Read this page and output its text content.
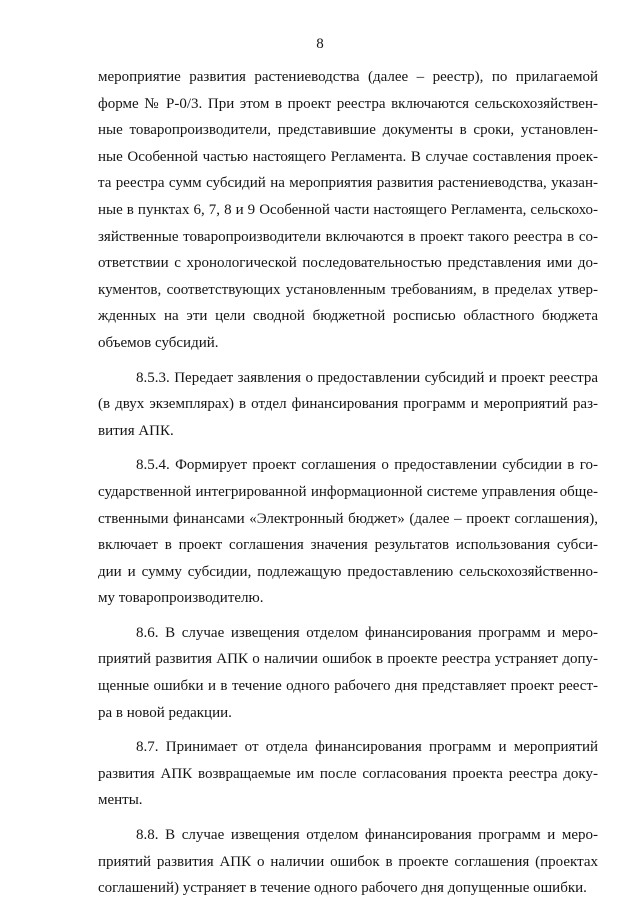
8
мероприятие развития растениеводства (далее – реестр), по прилагаемой
форме № Р-0/3. При этом в проект реестра включаются сельскохозяйствен-
ные товаропроизводители, представившие документы в сроки, установлен-
ные Особенной частью настоящего Регламента. В случае составления проек-
та реестра сумм субсидий на мероприятия развития растениеводства, указан-
ные в пунктах 6, 7, 8 и 9 Особенной части настоящего Регламента, сельскохо-
зяйственные товаропроизводители включаются в проект такого реестра в со-
ответствии с хронологической последовательностью представления ими до-
кументов, соответствующих установленным требованиям, в пределах утвер-
жденных на эти цели сводной бюджетной росписью областного бюджета
объемов субсидий.
8.5.3. Передает заявления о предоставлении субсидий и проект реестра
(в двух экземплярах) в отдел финансирования программ и мероприятий раз-
вития АПК.
8.5.4. Формирует проект соглашения о предоставлении субсидии в го-
сударственной интегрированной информационной системе управления обще-
ственными финансами «Электронный бюджет» (далее – проект соглашения),
включает в проект соглашения значения результатов использования субси-
дии и сумму субсидии, подлежащую предоставлению сельскохозяйственно-
му товаропроизводителю.
8.6. В случае извещения отделом финансирования программ и меро-
приятий развития АПК о наличии ошибок в проекте реестра устраняет допу-
щенные ошибки и в течение одного рабочего дня представляет проект реест-
ра в новой редакции.
8.7. Принимает от отдела финансирования программ и мероприятий
развития АПК возвращаемые им после согласования проекта реестра доку-
менты.
8.8. В случае извещения отделом финансирования программ и меро-
приятий развития АПК о наличии ошибок в проекте соглашения (проектах
соглашений) устраняет в течение одного рабочего дня допущенные ошибки.
